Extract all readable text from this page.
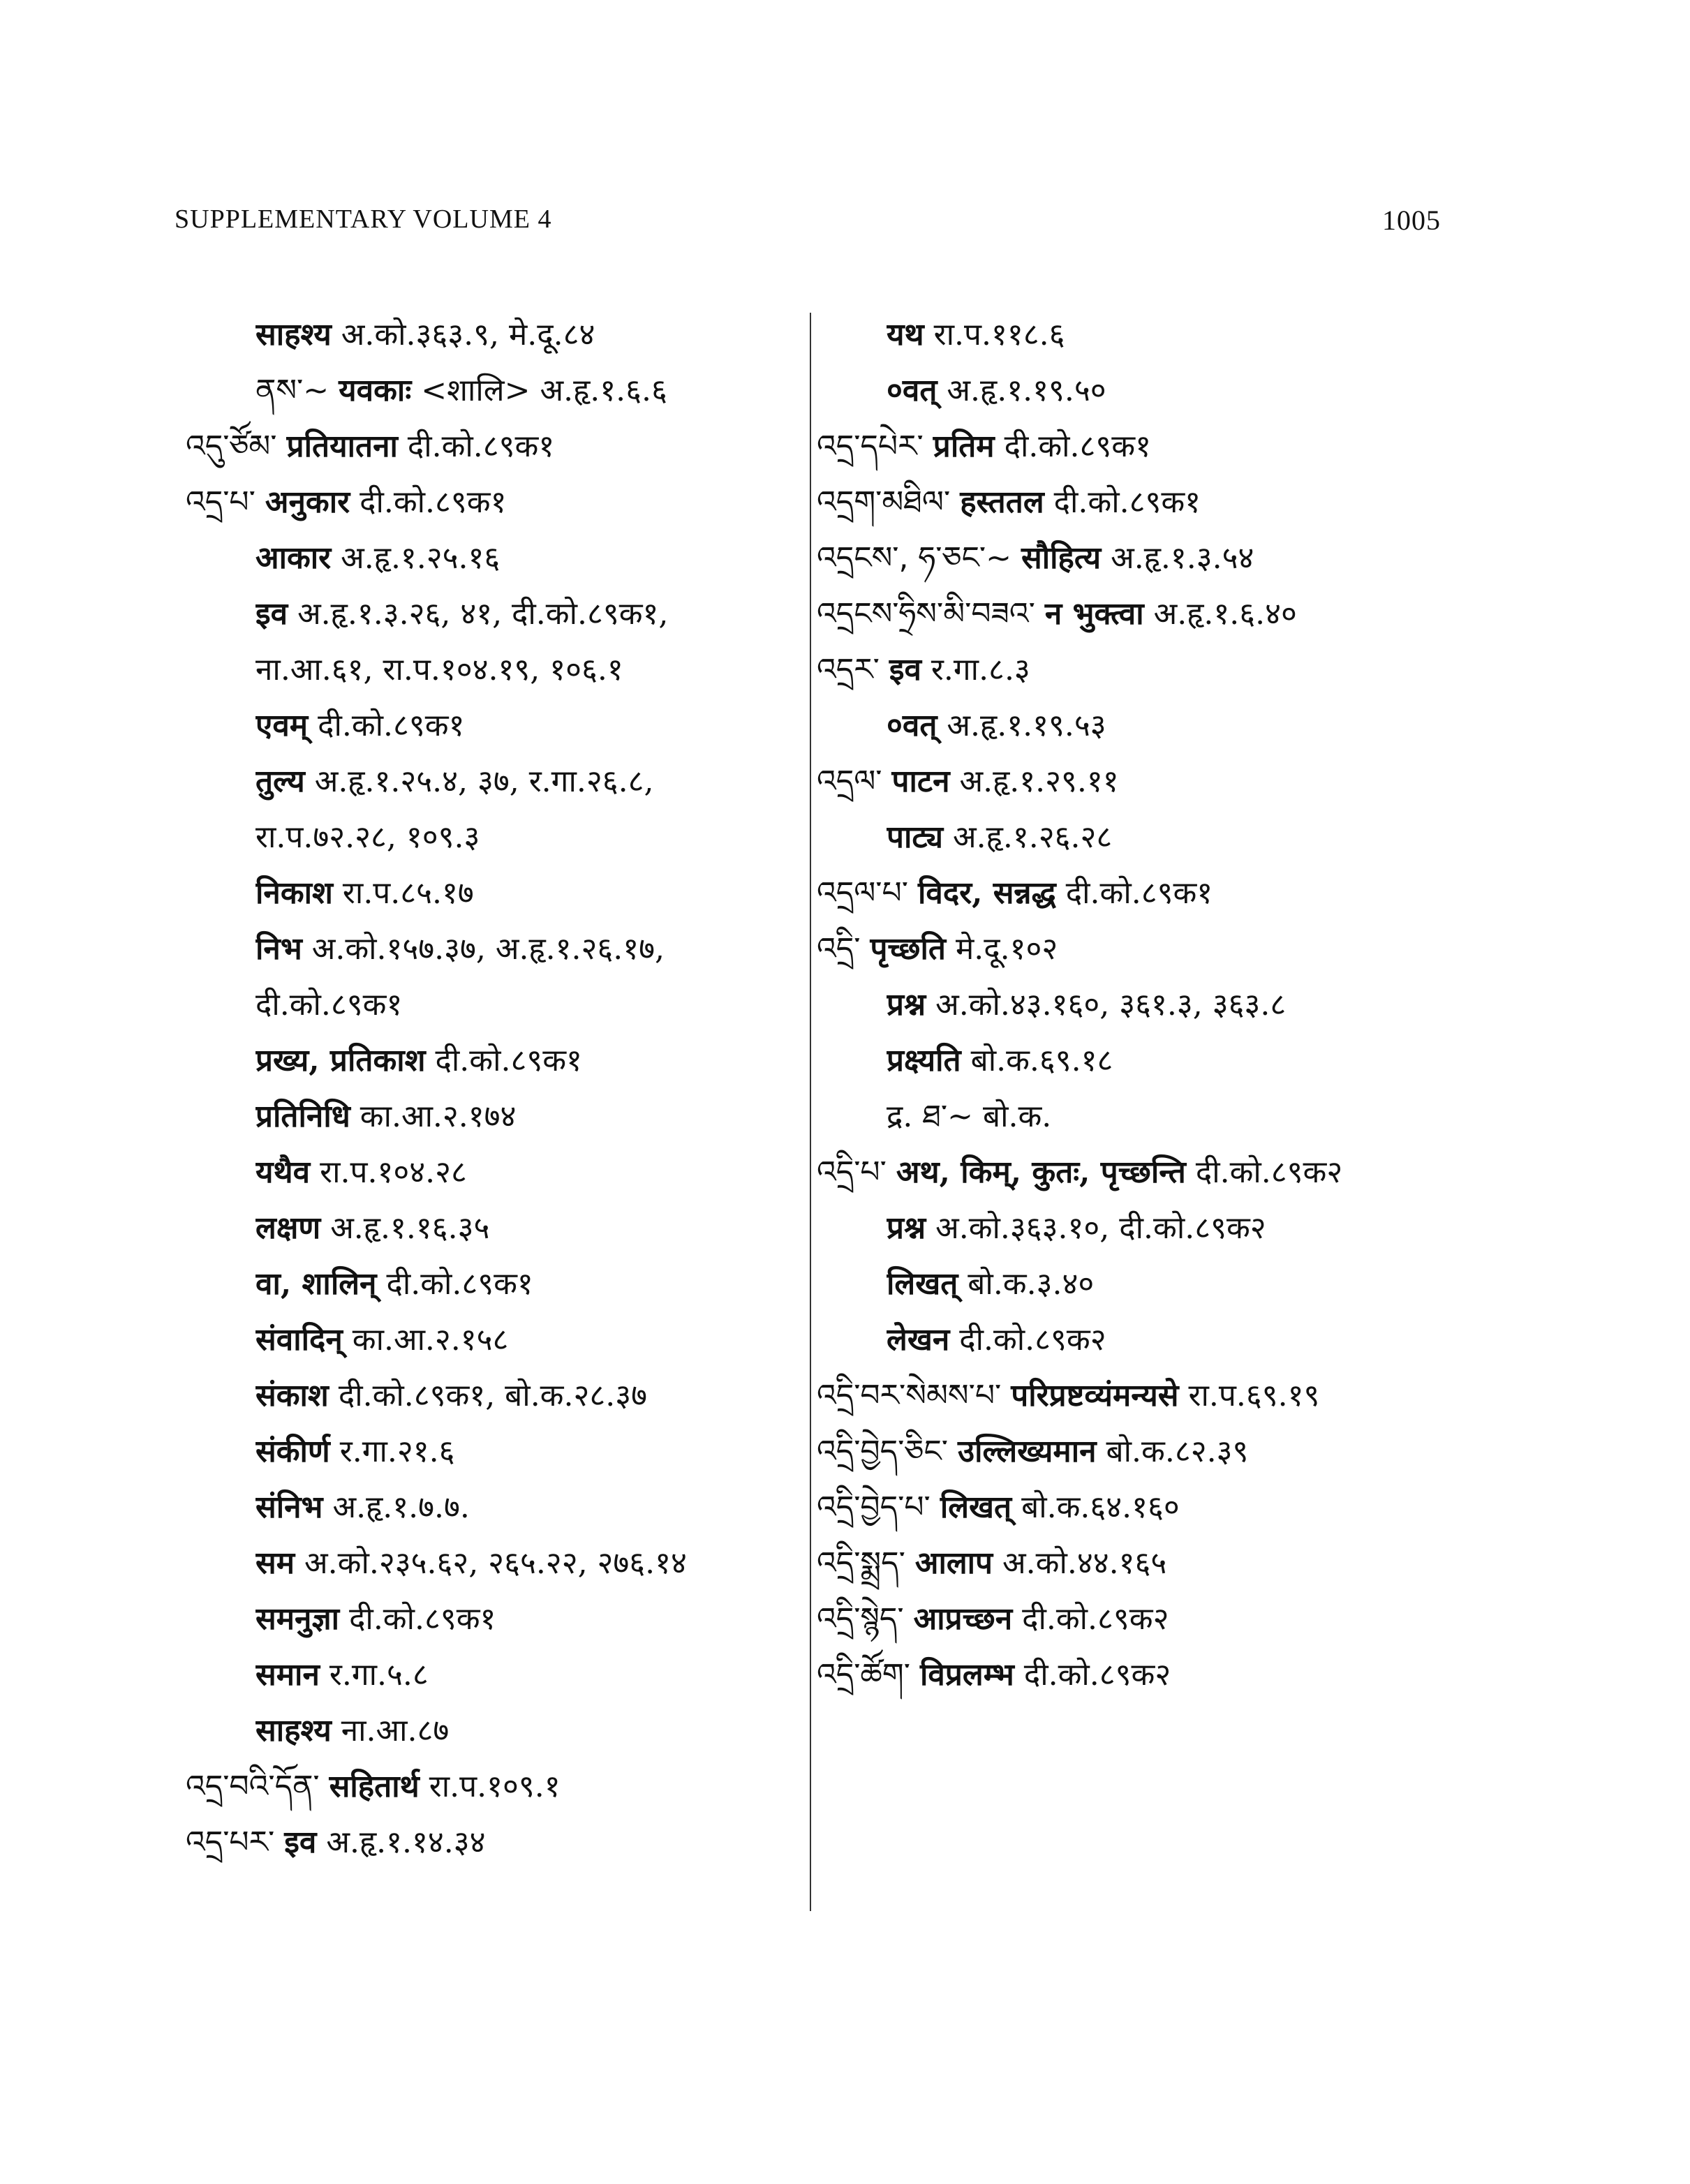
SUPPLEMENTARY VOLUME 4	1005
साहश्य अ.को.३६३.९, मे.दू.८४
ནས་~ यवकाः <शालि> अ.हृ.१.६.६
འདུ་ཙོམ་ प्रतियातना दी.को.८९क१
འདྲ་པ་ अनुकार दी.को.८९क१
आकार अ.हृ.१.२५.१६
इव अ.हृ.१.३.२६, ४१, दी.को.८९क१,
ना.आ.६१, रा.प.१०४.१९, १०६.१
एवम् दी.को.८९क१
तुल्य अ.हृ.१.२५.४, ३७, र.गा.२६.८,
रा.प.७२.२८, १०९.३
निकाश रा.प.८५.१७
निभ अ.को.१५७.३७, अ.हृ.१.२६.१७,
दी.को.८९क१
प्रख्य, प्रतिकाश दी.को.८९क१
प्रतिनिधि का.आ.२.१७४
यथैव रा.प.१०४.२८
लक्षण अ.हृ.१.१६.३५
वा, शालिन् दी.को.८९क१
संवादिन् का.आ.२.१५८
संकाश दी.को.८९क१, बो.क.२८.३७
संकीर्ण र.गा.२१.६
संनिभ अ.हृ.१.७.७.
सम अ.को.२३५.६२, २६५.२२, २७६.१४
समनुज्ञा दी.को.८९क१
समान र.गा.५.८
साहश्य ना.आ.८७
འདྲ་བའི་དོན་ सहितार्थ रा.प.१०९.१
འདྲ་པར་ इव अ.हृ.१.१४.३४
यथ रा.प.११८.६
०वत् अ.हृ.१.१९.५०
འདྲ་དཔེར་ प्रतिम दी.को.८९क१
འདྲག་མཐིལ་ हस्ततल दी.को.८९क१
འདྲངས་, ཧ་ཅང་~ सौहित्य अ.हृ.१.३.५४
འདྲངས་ཧྲིས་མི་བཟའ་ न भुक्त्वा अ.हृ.१.६.४०
འདྲར་ इव र.गा.८.३
०वत् अ.हृ.१.१९.५३
འདྲལ་ पाटन अ.हृ.१.२९.११
पाट्य अ.हृ.१.२६.२८
འདྲལ་པ་ विदर, सन्नद्ध दी.को.८९क१
འདྲི་ पृच्छति मे.दू.१०२
प्रश्न अ.को.४३.१६०, ३६१.३, ३६३.८
प्रक्ष्यति बो.क.६९.१८
द्र. ཐ་~ बो.क.
འདྲི་པ་ अथ, किम्, कुतः, पृच्छन्ति दी.को.८९क२
प्रश्न अ.को.३६३.१०, दी.को.८९क२
लिखत् बो.क.३.४०
लेखन दी.को.८९क२
འདྲི་བར་སེམས་པ་ परिप्रष्टव्यंमन्यसे रा.प.६९.१९
འདྲི་བྱེད་ཅིང་ उल्लिख्यमान बो.क.८२.३९
འདྲི་བྱེད་པ་ लिखत् बो.क.६४.१६०
འདྲི་སྨྲད་ आलाप अ.को.४४.१६५
འདྲི་སྙེད་ आप्रच्छन दी.को.८९क२
འདྲི་ཚོག་ विप्रलम्भ दी.को.८९क२
